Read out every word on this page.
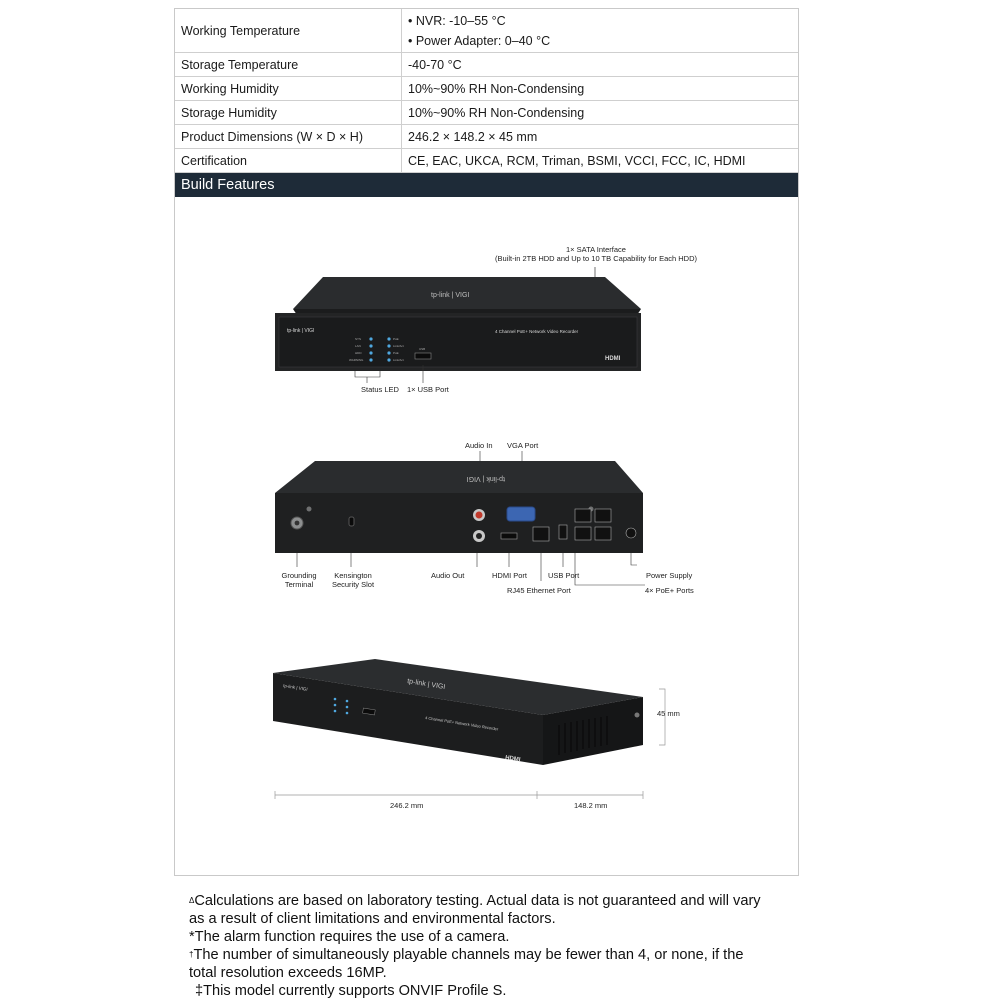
Working Temperature	• NVR: -10–55 °C
• Power Adapter: 0–40 °C

Storage Temperature	-40-70 °C
Working Humidity	10%~90% RH Non-Condensing
Storage Humidity	10%~90% RH Non-Condensing
Product Dimensions (W × D × H)	246.2 × 148.2 × 45 mm
Certification	CE, EAC, UKCA, RCM, Triman, BSMI, VCCI, FCC, IC, HDMI
Build Features
tp-link | VIGI
tp-link | VIGI	4 Channel PoE+ Network Video Recorder
HDMI
SYS
LAN
HDD
WARNING
PoE
Link/Act
PoE
Link/Act
USB
1× SATA Interface
(Built-in 2TB HDD and Up to 10 TB Capability for Each HDD)
Status LED 1× USB Port
tp-link | VIGI
Audio In VGA Port
Grounding
Terminal
Kensington
Security Slot
Audio Out	HDMI Port	USB Port	Power Supply
RJ45 Ethernet Port	4× PoE+ Ports
tp-link | VIGI
tp-link | VIGI
4 Channel PoE+ Network Video Recorder
HDMI
45 mm
246.2 mm	148.2 mm

$^\Delta$Calculations are based on laboratory testing. Actual data is not guaranteed and will vary

as a result of client limitations and environmental factors.

*The alarm function requires the use of a camera.

†The number of simultaneously playable channels may be fewer than 4, or none, if the

total resolution exceeds 16MP.

‡This model currently supports ONVIF Profile S.
